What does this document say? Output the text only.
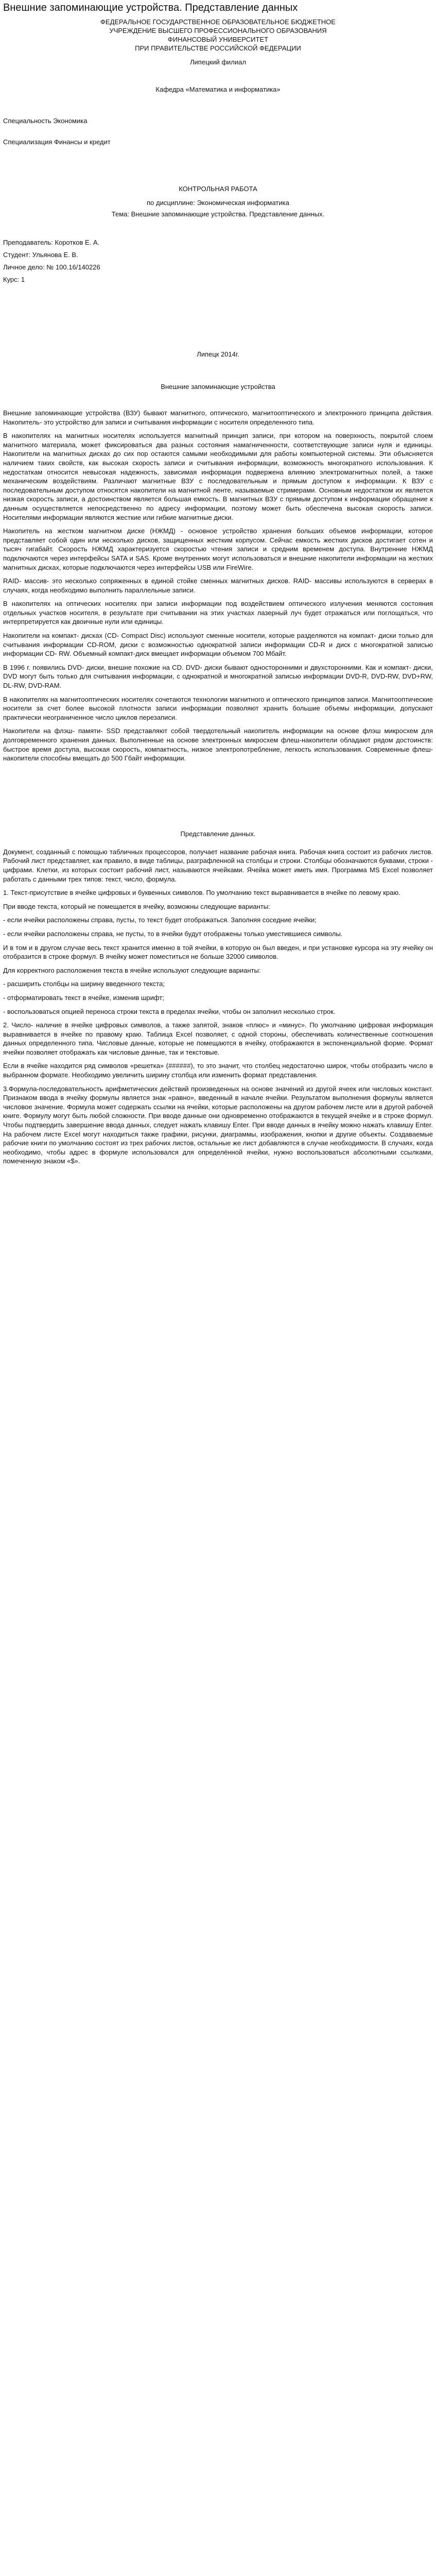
Внешние запоминающие устройства. Представление данных
ФЕДЕРАЛЬНОЕ ГОСУДАРСТВЕННОЕ ОБРАЗОВАТЕЛЬНОЕ БЮДЖЕТНОЕ
УЧРЕЖДЕНИЕ ВЫСШЕГО ПРОФЕССИОНАЛЬНОГО ОБРАЗОВАНИЯ
ФИНАНСОВЫЙ УНИВЕРСИТЕТ
ПРИ ПРАВИТЕЛЬСТВЕ РОССИЙСКОЙ ФЕДЕРАЦИИ
Липецкий филиал
Кафедра «Математика и информатика»
Специальность Экономика
Специализация Финансы и кредит
КОНТРОЛЬНАЯ РАБОТА
по дисциплине: Экономическая информатика
Тема: Внешние запоминающие устройства. Представление данных.
Преподаватель: Коротков Е. А.
Студент: Ульянова Е. В.
Личное дело: № 100.16/140226
Курс: 1
Липецк 2014г.

Внешние запоминающие устройства

Внешние запоминающие устройства (ВЗУ) бывают магнитного, оптического, магнитооптического и электронного принципа действия. Накопитель- это устройство для записи и считывания информации с носителя определенного типа.

В накопителях на магнитных носителях используется магнитный принцип записи, при котором на поверхность, покрытой слоем магнитного материала, может фиксироваться два разных состояния намагниченности, соответствующие записи нуля и единицы. Накопители на магнитных дисках до сих пор остаются самыми необходимыми для работы компьютерной системы. Эти объясняется наличием таких свойств, как высокая скорость записи и считывания информации, возможность многократного использования. К недостаткам относится невысокая надежность, зависимая информация подвержена влиянию электромагнитных полей, а также механическим воздействиям. Различают магнитные ВЗУ с последовательным и прямым доступом к информации. К ВЗУ с последовательным доступом относятся накопители на магнитной ленте, называемые стримерами. Основным недостатком их является низкая скорость записи, а достоинством является большая емкость. В магнитных ВЗУ с прямым доступом к информации обращение к данным осуществляется непосредственно по адресу информации, поэтому может быть обеспечена высокая скорость записи. Носителями информации являются жесткие или гибкие магнитные диски.

Накопитель на жестком магнитном диске (НЖМД) - основное устройство хранения больших объемов информации, которое представляет собой один или несколько дисков, защищенных жестким корпусом. Сейчас емкость жестких дисков достигает сотен и тысяч гигабайт. Скорость НЖМД характеризуется скоростью чтения записи и средним временем доступа. Внутренние НЖМД подключаются через интерфейсы SATA и SAS. Кроме внутренних могут использоваться и внешние накопители информации на жестких магнитных дисках, которые подключаются через интерфейсы USB или FireWire.

RAID- массив- это несколько сопряженных в единой стойке сменных магнитных дисков. RAID- массивы используются в серверах в случаях, когда необходимо выполнить параллельные записи.

В накопителях на оптических носителях при записи информации под воздействием оптического излучения меняются состояния отдельных участков носителя, в результате при считывании на этих участках лазерный луч будет отражаться или поглощаться, что интерпретируется как двоичные нули или единицы.

Накопители на компакт- дисках (CD- Compact Disc) используют сменные носители, которые разделяются на компакт- диски только для считывания информации CD-ROM, диски с возможностью однократной записи информации CD-R и диск с многократной записью информации CD- RW. Объемный компакт-диск вмещает информации объемом 700 Мбайт.

В 1996 г. появились DVD- диски, внешне похожие на CD. DVD- диски бывают односторонними и двухсторонними. Как и компакт- диски, DVD могут быть только для считывания информации, с однократной и многократной записью информации DVD-R, DVD-RW, DVD+RW, DL-RW, DVD-RAM.

В накопителях на магнитооптических носителях сочетаются технологии магнитного и оптического принципов записи. Магнитооптические носители за счет более высокой плотности записи информации позволяют хранить большие объемы информации, допускают практически неограниченное число циклов перезаписи.

Накопители на флэш- памяти- SSD представляют собой твердотельный накопитель информации на основе флэш микросхем для долговременного хранения данных. Выполненные на основе электронных микросхем флеш-накопители обладают рядом достоинств: быстрое время доступа, высокая скорость, компактность, низкое электропотребление, легкость использования. Современные флеш-накопители способны вмещать до 500 Гбайт информации.

Представление данных.

Документ, созданный с помощью табличных процессоров, получает название рабочая книга. Рабочая книга состоит из рабочих листов. Рабочий лист представляет, как правило, в виде таблицы, разграфленной на столбцы и строки. Столбцы обозначаются буквами, строки - цифрами. Клетки, из которых состоит рабочий лист, называются ячейками. Ячейка может иметь имя. Программа MS Excel позволяет работать с данными трех типов: текст, число, формула.

1. Текст-присутствие в ячейке цифровых и буквенных символов. По умолчанию текст выравнивается в ячейке по левому краю.

При вводе текста, который не помещается в ячейку, возможны следующие варианты:

- если ячейки расположены справа, пусты, то текст будет отображаться. Заполняя соседние ячейки;

- если ячейки расположены справа, не пусты, то в ячейки будут отображены только уместившиеся символы.

И в том и в другом случае весь текст хранится именно в той ячейки, в которую он был введен, и при установке курсора на эту ячейку он отобразится в строке формул. В ячейку может поместиться не больше 32000 символов.

Для корректного расположения текста в ячейке используют следующие варианты:

- расширить столбцы на ширину введенного текста;

- отформатировать текст в ячейке, изменив шрифт;

- воспользоваться опцией переноса строки текста в пределах ячейки, чтобы он заполнил несколько строк.

2. Число- наличие в ячейке цифровых символов, а также запятой, знаков «плюс» и «минус». По умолчанию цифровая информация выравнивается в ячейке по правому краю. Таблица Excel позволяет, с одной стороны, обеспечивать количественные соотношения данных определенного типа. Числовые данные, которые не помещаются в ячейку, отображаются в экспоненциальной форме. Формат ячейки позволяет отображать как числовые данные, так и текстовые.

Если в ячейке находится ряд символов «решетка» (######), то это значит, что столбец недостаточно широк, чтобы отобразить число в выбранном формате. Необходимо увеличить ширину столбца или изменить формат представления.

3.Формула-последовательность арифметических действий произведенных на основе значений из другой ячеек или числовых констант. Признаком ввода в ячейку формулы является знак «равно», введенный в начале ячейки. Результатом выполнения формулы является числовое значение. Формула может содержать ссылки на ячейки, которые расположены на другом рабочем листе или в другой рабочей книге. Формулу могут быть любой сложности. При вводе данные они одновременно отображаются в текущей ячейке и в строке формул. Чтобы подтвердить завершение ввода данных, следует нажать клавишу Enter. При вводе данных в ячейку можно нажать клавишу Enter. На рабочем листе Excel могут находиться также графики, рисунки, диаграммы, изображения, кнопки и другие объекты. Создаваемые рабочие книги по умолчанию состоят из трех рабочих листов, остальные же лист добавляются в случае необходимости. В случаях, когда необходимо, чтобы адрес в формуле использовался для определённой ячейки, нужно воспользоваться абсолютными ссылками, помеченную знаком «$».
